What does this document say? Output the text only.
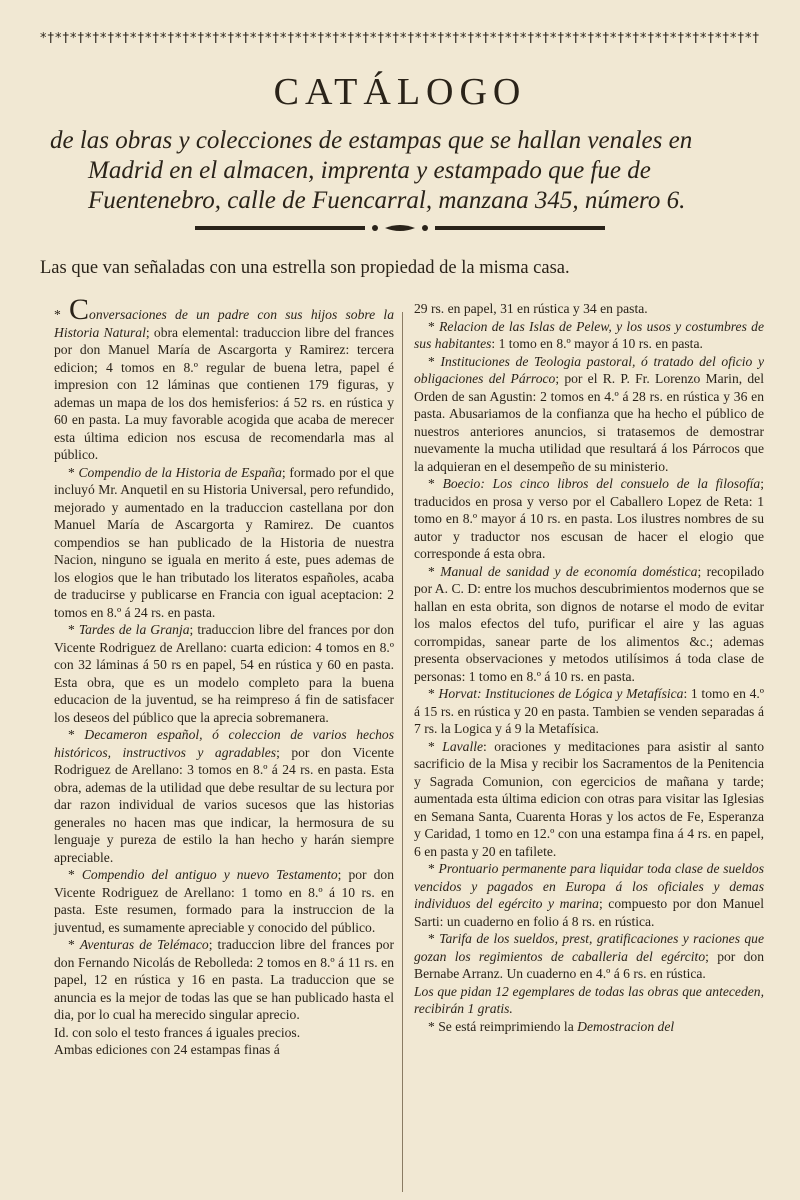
*†*†*†*†*†*†*†*†*†*†*†*†*†*†*†*†*†*†*†*†*†*†*†*†*†*†*†*†*†*†*†*†*†*†*†*†*†*†*†*†*†*†*†*†*†*†*†*†
CATÁLOGO
de las obras y colecciones de estampas que se hallan venales en
Madrid en el almacen, imprenta y estampado que fue de
Fuentenebro, calle de Fuencarral, manzana 345, número 6.
Las que van señaladas con una estrella son propiedad de la misma casa.

* Conversaciones de un padre con sus hijos sobre la Historia Natural; obra elemental: traduccion libre del frances por don Manuel María de Ascargorta y Ramirez: tercera edicion; 4 tomos en 8.º regular de buena letra, papel é impresion con 12 láminas que contienen 179 figuras, y ademas un mapa de los dos hemisferios: á 52 rs. en rústica y 60 en pasta. La muy favorable acogida que acaba de merecer esta última edicion nos escusa de recomendarla mas al público.

* Compendio de la Historia de España; formado por el que incluyó Mr. Anquetil en su Historia Universal, pero refundido, mejorado y aumentado en la traduccion castellana por don Manuel María de Ascargorta y Ramirez. De cuantos compendios se han publicado de la Historia de nuestra Nacion, ninguno se iguala en merito á este, pues ademas de los elogios que le han tributado los literatos españoles, acaba de traducirse y publicarse en Francia con igual aceptacion: 2 tomos en 8.º á 24 rs. en pasta.

* Tardes de la Granja; traduccion libre del frances por don Vicente Rodriguez de Arellano: cuarta edicion: 4 tomos en 8.º con 32 láminas á 50 rs en papel, 54 en rústica y 60 en pasta. Esta obra, que es un modelo completo para la buena educacion de la juventud, se ha reimpreso á fin de satisfacer los deseos del público que la aprecia sobremanera.

* Decameron español, ó coleccion de varios hechos históricos, instructivos y agradables; por don Vicente Rodriguez de Arellano: 3 tomos en 8.º á 24 rs. en pasta. Esta obra, ademas de la utilidad que debe resultar de su lectura por dar razon individual de varios sucesos que las historias generales no hacen mas que indicar, la hermosura de su lenguaje y pureza de estilo la han hecho y harán siempre apreciable.

* Compendio del antiguo y nuevo Testamento; por don Vicente Rodriguez de Arellano: 1 tomo en 8.º á 10 rs. en pasta. Este resumen, formado para la instruccion de la juventud, es sumamente apreciable y conocido del público.

* Aventuras de Telémaco; traduccion libre del frances por don Fernando Nicolás de Rebolleda: 2 tomos en 8.º á 11 rs. en papel, 12 en rústica y 16 en pasta. La traduccion que se anuncia es la mejor de todas las que se han publicado hasta el dia, por lo cual ha merecido singular aprecio.

Id. con solo el testo frances á iguales precios.

Ambas ediciones con 24 estampas finas á

29 rs. en papel, 31 en rústica y 34 en pasta.

* Relacion de las Islas de Pelew, y los usos y costumbres de sus habitantes: 1 tomo en 8.º mayor á 10 rs. en pasta.

* Instituciones de Teologia pastoral, ó tratado del oficio y obligaciones del Párroco; por el R. P. Fr. Lorenzo Marin, del Orden de san Agustin: 2 tomos en 4.º á 28 rs. en rústica y 36 en pasta. Abusariamos de la confianza que ha hecho el público de nuestros anteriores anuncios, si tratasemos de demostrar nuevamente la mucha utilidad que resultará á los Párrocos que la adquieran en el desempeño de su ministerio.

* Boecio: Los cinco libros del consuelo de la filosofía; traducidos en prosa y verso por el Caballero Lopez de Reta: 1 tomo en 8.º mayor á 10 rs. en pasta. Los ilustres nombres de su autor y traductor nos escusan de hacer el elogio que corresponde á esta obra.

* Manual de sanidad y de economía doméstica; recopilado por A. C. D: entre los muchos descubrimientos modernos que se hallan en esta obrita, son dignos de notarse el modo de evitar los malos efectos del tufo, purificar el aire y las aguas corrompidas, sanear parte de los alimentos &c.; ademas presenta observaciones y metodos utilísimos á toda clase de personas: 1 tomo en 8.º á 10 rs. en pasta.

* Horvat: Instituciones de Lógica y Metafísica: 1 tomo en 4.º á 15 rs. en rústica y 20 en pasta. Tambien se venden separadas á 7 rs. la Logica y á 9 la Metafísica.

* Lavalle: oraciones y meditaciones para asistir al santo sacrificio de la Misa y recibir los Sacramentos de la Penitencia y Sagrada Comunion, con egercicios de mañana y tarde; aumentada esta última edicion con otras para visitar las Iglesias en Semana Santa, Cuarenta Horas y los actos de Fe, Esperanza y Caridad, 1 tomo en 12.º con una estampa fina á 4 rs. en papel, 6 en pasta y 20 en tafilete.

* Prontuario permanente para liquidar toda clase de sueldos vencidos y pagados en Europa á los oficiales y demas individuos del egército y marina; compuesto por don Manuel Sarti: un cuaderno en folio á 8 rs. en rústica.

* Tarifa de los sueldos, prest, gratificaciones y raciones que gozan los regimientos de caballeria del egército; por don Bernabe Arranz. Un cuaderno en 4.º á 6 rs. en rústica.

Los que pidan 12 egemplares de todas las obras que anteceden, recibirán 1 gratis.

* Se está reimprimiendo la Demostracion del
